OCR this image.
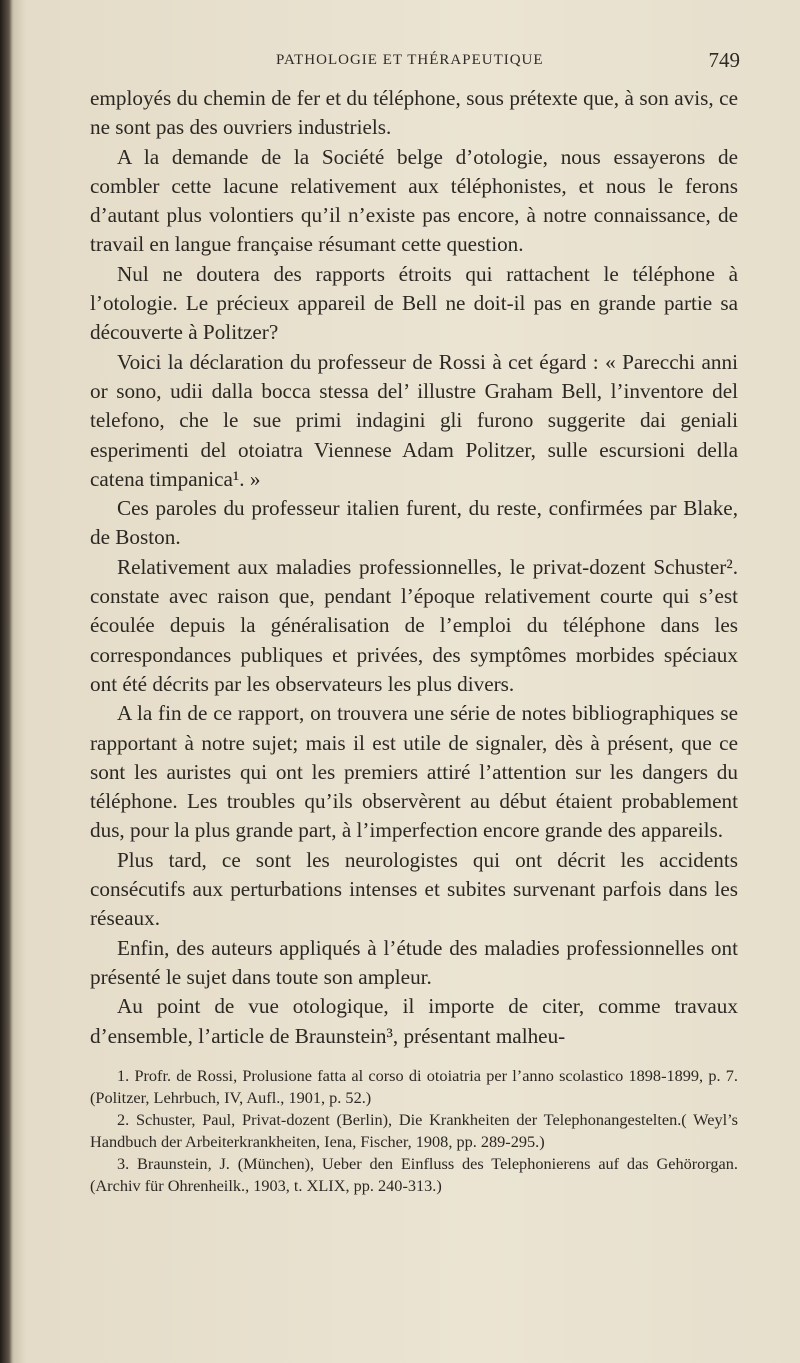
PATHOLOGIE ET THÉRAPEUTIQUE	749

employés du chemin de fer et du téléphone, sous prétexte que, à son avis, ce ne sont pas des ouvriers industriels.

A la demande de la Société belge d’otologie, nous essayerons de combler cette lacune relativement aux téléphonistes, et nous le ferons d’autant plus volontiers qu’il n’existe pas encore, à notre connaissance, de travail en langue française résumant cette question.

Nul ne doutera des rapports étroits qui rattachent le téléphone à l’otologie. Le précieux appareil de Bell ne doit-il pas en grande partie sa découverte à Politzer?

Voici la déclaration du professeur de Rossi à cet égard : « Parecchi anni or sono, udii dalla bocca stessa del’ illustre Graham Bell, l’inventore del telefono, che le sue primi indagini gli furono suggerite dai geniali esperimenti del otoiatra Viennese Adam Politzer, sulle escursioni della catena timpanica¹. »

Ces paroles du professeur italien furent, du reste, confirmées par Blake, de Boston.

Relativement aux maladies professionnelles, le privat-dozent Schuster². constate avec raison que, pendant l’époque relativement courte qui s’est écoulée depuis la généralisation de l’emploi du téléphone dans les correspondances publiques et privées, des symptômes morbides spéciaux ont été décrits par les observateurs les plus divers.

A la fin de ce rapport, on trouvera une série de notes bibliographiques se rapportant à notre sujet; mais il est utile de signaler, dès à présent, que ce sont les auristes qui ont les premiers attiré l’attention sur les dangers du téléphone. Les troubles qu’ils observèrent au début étaient probablement dus, pour la plus grande part, à l’imperfection encore grande des appareils.

Plus tard, ce sont les neurologistes qui ont décrit les accidents consécutifs aux perturbations intenses et subites survenant parfois dans les réseaux.

Enfin, des auteurs appliqués à l’étude des maladies professionnelles ont présenté le sujet dans toute son ampleur.

Au point de vue otologique, il importe de citer, comme travaux d’ensemble, l’article de Braunstein³, présentant malheu-

1. Profr. de Rossi, Prolusione fatta al corso di otoiatria per l’anno scolastico 1898-1899, p. 7. (Politzer, Lehrbuch, IV, Aufl., 1901, p. 52.)

2. Schuster, Paul, Privat-dozent (Berlin), Die Krankheiten der Telephonangestelten.( Weyl’s Handbuch der Arbeiterkrankheiten, Iena, Fischer, 1908, pp. 289-295.)

3. Braunstein, J. (München), Ueber den Einfluss des Telephonierens auf das Gehörorgan. (Archiv für Ohrenheilk., 1903, t. XLIX, pp. 240-313.)
